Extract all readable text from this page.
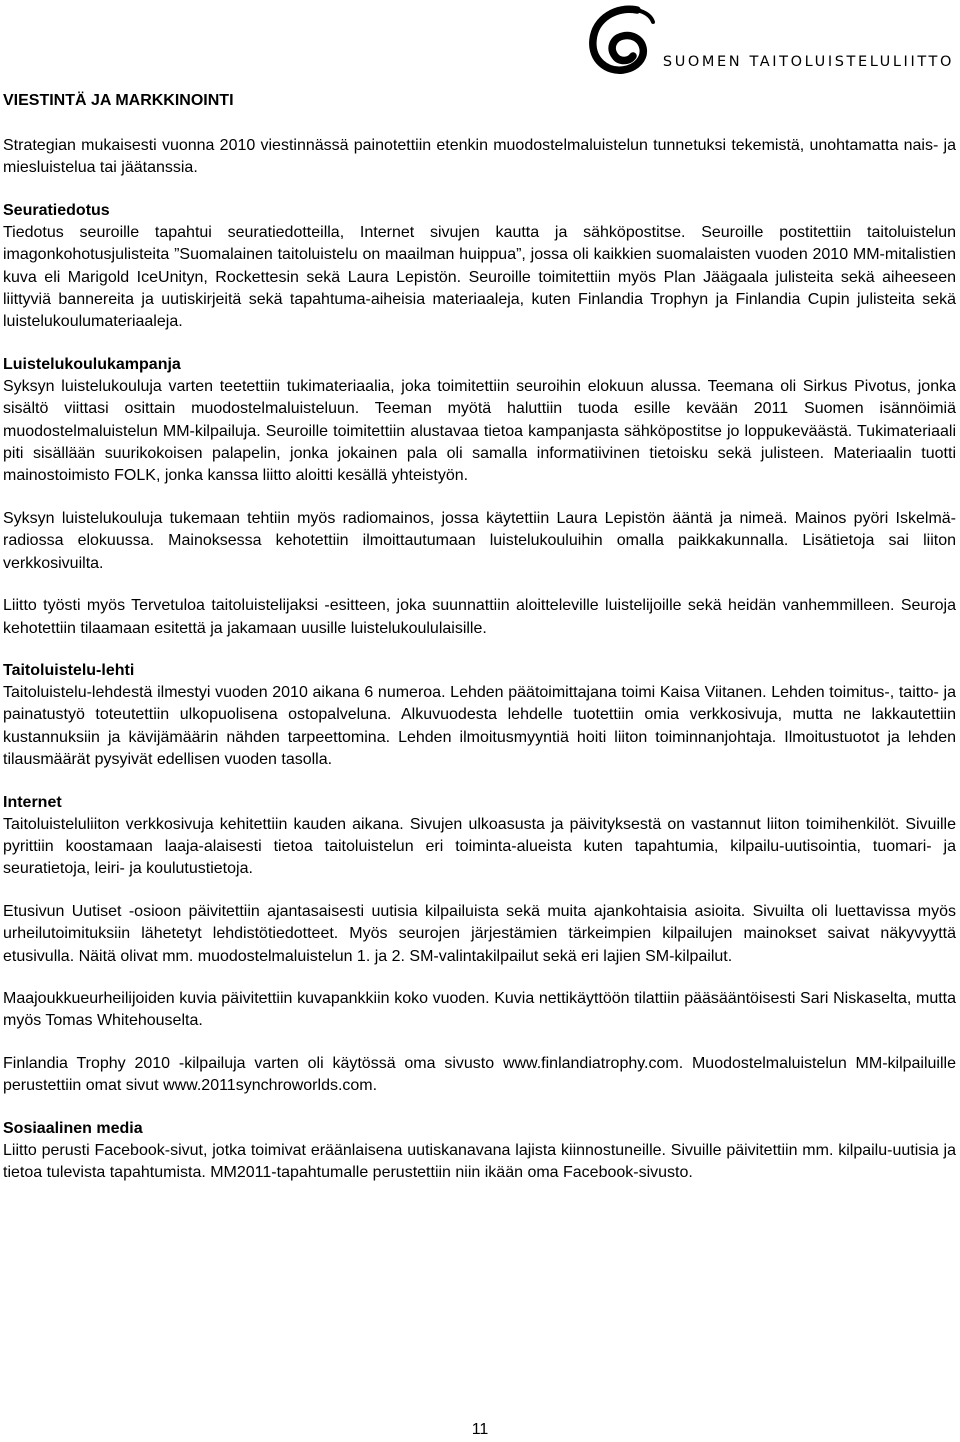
SUOMEN TAITOLUISTELULIITTO
VIESTINTÄ JA MARKKINOINTI

Strategian mukaisesti vuonna 2010 viestinnässä painotettiin etenkin muodostelmaluistelun tunnetuksi tekemistä, unohtamatta nais- ja miesluistelua tai jäätanssia.

Seuratiedotus

Tiedotus seuroille tapahtui seuratiedotteilla, Internet sivujen kautta ja sähköpostitse. Seuroille postitettiin taitoluistelun imagonkohotusjulisteita ”Suomalainen taitoluistelu on maailman huippua”, jossa oli kaikkien suomalaisten vuoden 2010 MM-mitalistien kuva eli Marigold IceUnityn, Rockettesin sekä Laura Lepistön. Seuroille toimitettiin myös Plan Jäägaala julisteita sekä aiheeseen liittyviä bannereita ja uutiskirjeitä sekä tapahtuma-aiheisia materiaaleja, kuten Finlandia Trophyn ja Finlandia Cupin julisteita sekä luistelukoulumateriaaleja.

Luistelukoulukampanja

Syksyn luistelukouluja varten teetettiin tukimateriaalia, joka toimitettiin seuroihin elokuun alussa. Teemana oli Sirkus Pivotus, jonka sisältö viittasi osittain muodostelmaluisteluun. Teeman myötä haluttiin tuoda esille kevään 2011 Suomen isännöimiä muodostelmaluistelun MM-kilpailuja. Seuroille toimitettiin alustavaa tietoa kampanjasta sähköpostitse jo loppukeväästä. Tukimateriaali piti sisällään suurikokoisen palapelin, jonka jokainen pala oli samalla informatiivinen tietoisku sekä julisteen. Materiaalin tuotti mainostoimisto FOLK, jonka kanssa liitto aloitti kesällä yhteistyön.

Syksyn luistelukouluja tukemaan tehtiin myös radiomainos, jossa käytettiin Laura Lepistön ääntä ja nimeä. Mainos pyöri Iskelmä-radiossa elokuussa. Mainoksessa kehotettiin ilmoittautumaan luistelukouluihin omalla paikkakunnalla. Lisätietoja sai liiton verkkosivuilta.

Liitto työsti myös Tervetuloa taitoluistelijaksi -esitteen, joka suunnattiin aloitteleville luistelijoille sekä heidän vanhemmilleen. Seuroja kehotettiin tilaamaan esitettä ja jakamaan uusille luistelukoululaisille.

Taitoluistelu-lehti

Taitoluistelu-lehdestä ilmestyi vuoden 2010 aikana 6 numeroa. Lehden päätoimittajana toimi Kaisa Viitanen. Lehden toimitus-, taitto- ja painatustyö toteutettiin ulkopuolisena ostopalveluna. Alkuvuodesta lehdelle tuotettiin omia verkkosivuja, mutta ne lakkautettiin kustannuksiin ja kävijämäärin nähden tarpeettomina. Lehden ilmoitusmyyntiä hoiti liiton toiminnanjohtaja. Ilmoitustuotot ja lehden tilausmäärät pysyivät edellisen vuoden tasolla.

Internet

Taitoluisteluliiton verkkosivuja kehitettiin kauden aikana. Sivujen ulkoasusta ja päivityksestä on vastannut liiton toimihenkilöt. Sivuille pyrittiin koostamaan laaja-alaisesti tietoa taitoluistelun eri toiminta-alueista kuten tapahtumia, kilpailu-uutisointia, tuomari- ja seuratietoja, leiri- ja koulutustietoja.

Etusivun Uutiset -osioon päivitettiin ajantasaisesti uutisia kilpailuista sekä muita ajankohtaisia asioita. Sivuilta oli luettavissa myös urheilutoimituksiin lähetetyt lehdistötiedotteet. Myös seurojen järjestämien tärkeimpien kilpailujen mainokset saivat näkyvyyttä etusivulla. Näitä olivat mm. muodostelmaluistelun 1. ja 2. SM-valintakilpailut sekä eri lajien SM-kilpailut.

Maajoukkueurheilijoiden kuvia päivitettiin kuvapankkiin koko vuoden. Kuvia nettikäyttöön tilattiin pääsääntöisesti Sari Niskaselta, mutta myös Tomas Whitehouselta.

Finlandia Trophy 2010 -kilpailuja varten oli käytössä oma sivusto www.finlandiatrophy.com. Muodostelmaluistelun MM-kilpailuille perustettiin omat sivut www.2011synchroworlds.com.

Sosiaalinen media

Liitto perusti Facebook-sivut, jotka toimivat eräänlaisena uutiskanavana lajista kiinnostuneille. Sivuille päivitettiin mm. kilpailu-uutisia ja tietoa tulevista tapahtumista. MM2011-tapahtumalle perustettiin niin ikään oma Facebook-sivusto.

11
